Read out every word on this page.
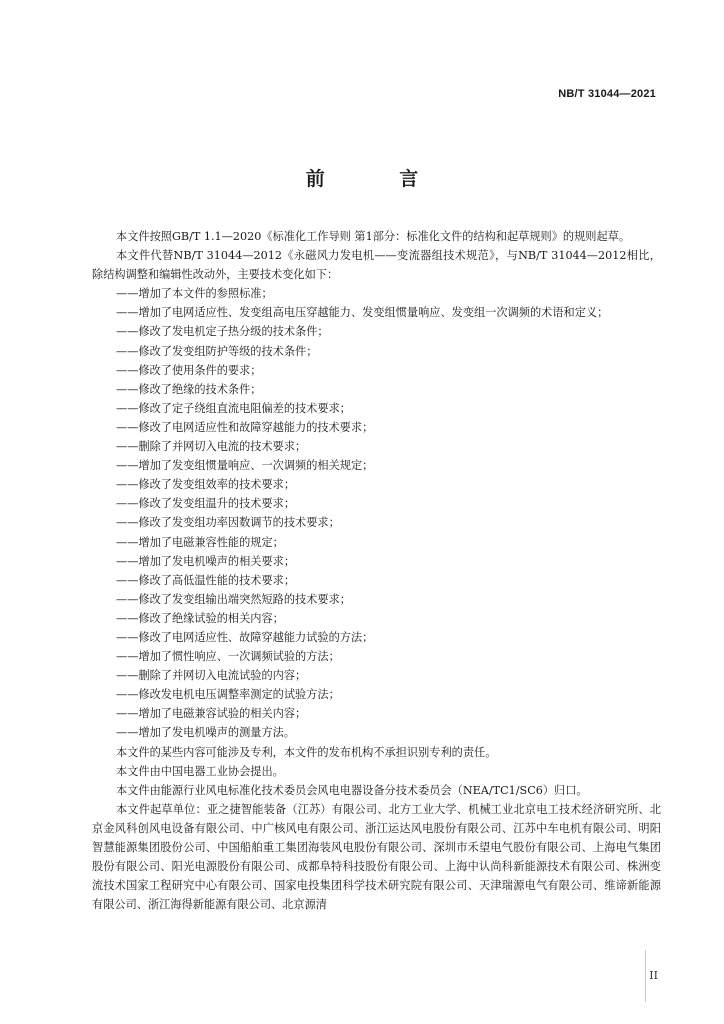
NB/T 31044—2021
前 言

本文件按照GB/T 1.1—2020《标准化工作导则 第1部分：标准化文件的结构和起草规则》的规则起草。

本文件代替NB/T 31044—2012《永磁风力发电机——变流器组技术规范》，与NB/T 31044—2012相比，除结构调整和编辑性改动外，主要技术变化如下：

——增加了本文件的参照标准；

——增加了电网适应性、发变组高电压穿越能力、发变组惯量响应、发变组一次调频的术语和定义；

——修改了发电机定子热分级的技术条件；

——修改了发变组防护等级的技术条件；

——修改了使用条件的要求；

——修改了绝缘的技术条件；

——修改了定子绕组直流电阻偏差的技术要求；

——修改了电网适应性和故障穿越能力的技术要求；

——删除了并网切入电流的技术要求；

——增加了发变组惯量响应、一次调频的相关规定；

——修改了发变组效率的技术要求；

——修改了发变组温升的技术要求；

——修改了发变组功率因数调节的技术要求；

——增加了电磁兼容性能的规定；

——增加了发电机噪声的相关要求；

——修改了高低温性能的技术要求；

——修改了发变组输出端突然短路的技术要求；

——修改了绝缘试验的相关内容；

——修改了电网适应性、故障穿越能力试验的方法；

——增加了惯性响应、一次调频试验的方法；

——删除了并网切入电流试验的内容；

——修改发电机电压调整率测定的试验方法；

——增加了电磁兼容试验的相关内容；

——增加了发电机噪声的测量方法。

本文件的某些内容可能涉及专利，本文件的发布机构不承担识别专利的责任。

本文件由中国电器工业协会提出。

本文件由能源行业风电标准化技术委员会风电电器设备分技术委员会（NEA/TC1/SC6）归口。

本文件起草单位：亚之捷智能装备（江苏）有限公司、北方工业大学、机械工业北京电工技术经济研究所、北京金风科创风电设备有限公司、中广核风电有限公司、浙江运达风电股份有限公司、江苏中车电机有限公司、明阳智慧能源集团股份公司、中国船舶重工集团海装风电股份有限公司、深圳市禾望电气股份有限公司、上海电气集团股份有限公司、阳光电源股份有限公司、成都阜特科技股份有限公司、上海中认尚科新能源技术有限公司、株洲变流技术国家工程研究中心有限公司、国家电投集团科学技术研究院有限公司、天津瑞源电气有限公司、维谛新能源有限公司、浙江海得新能源有限公司、北京源清

II
